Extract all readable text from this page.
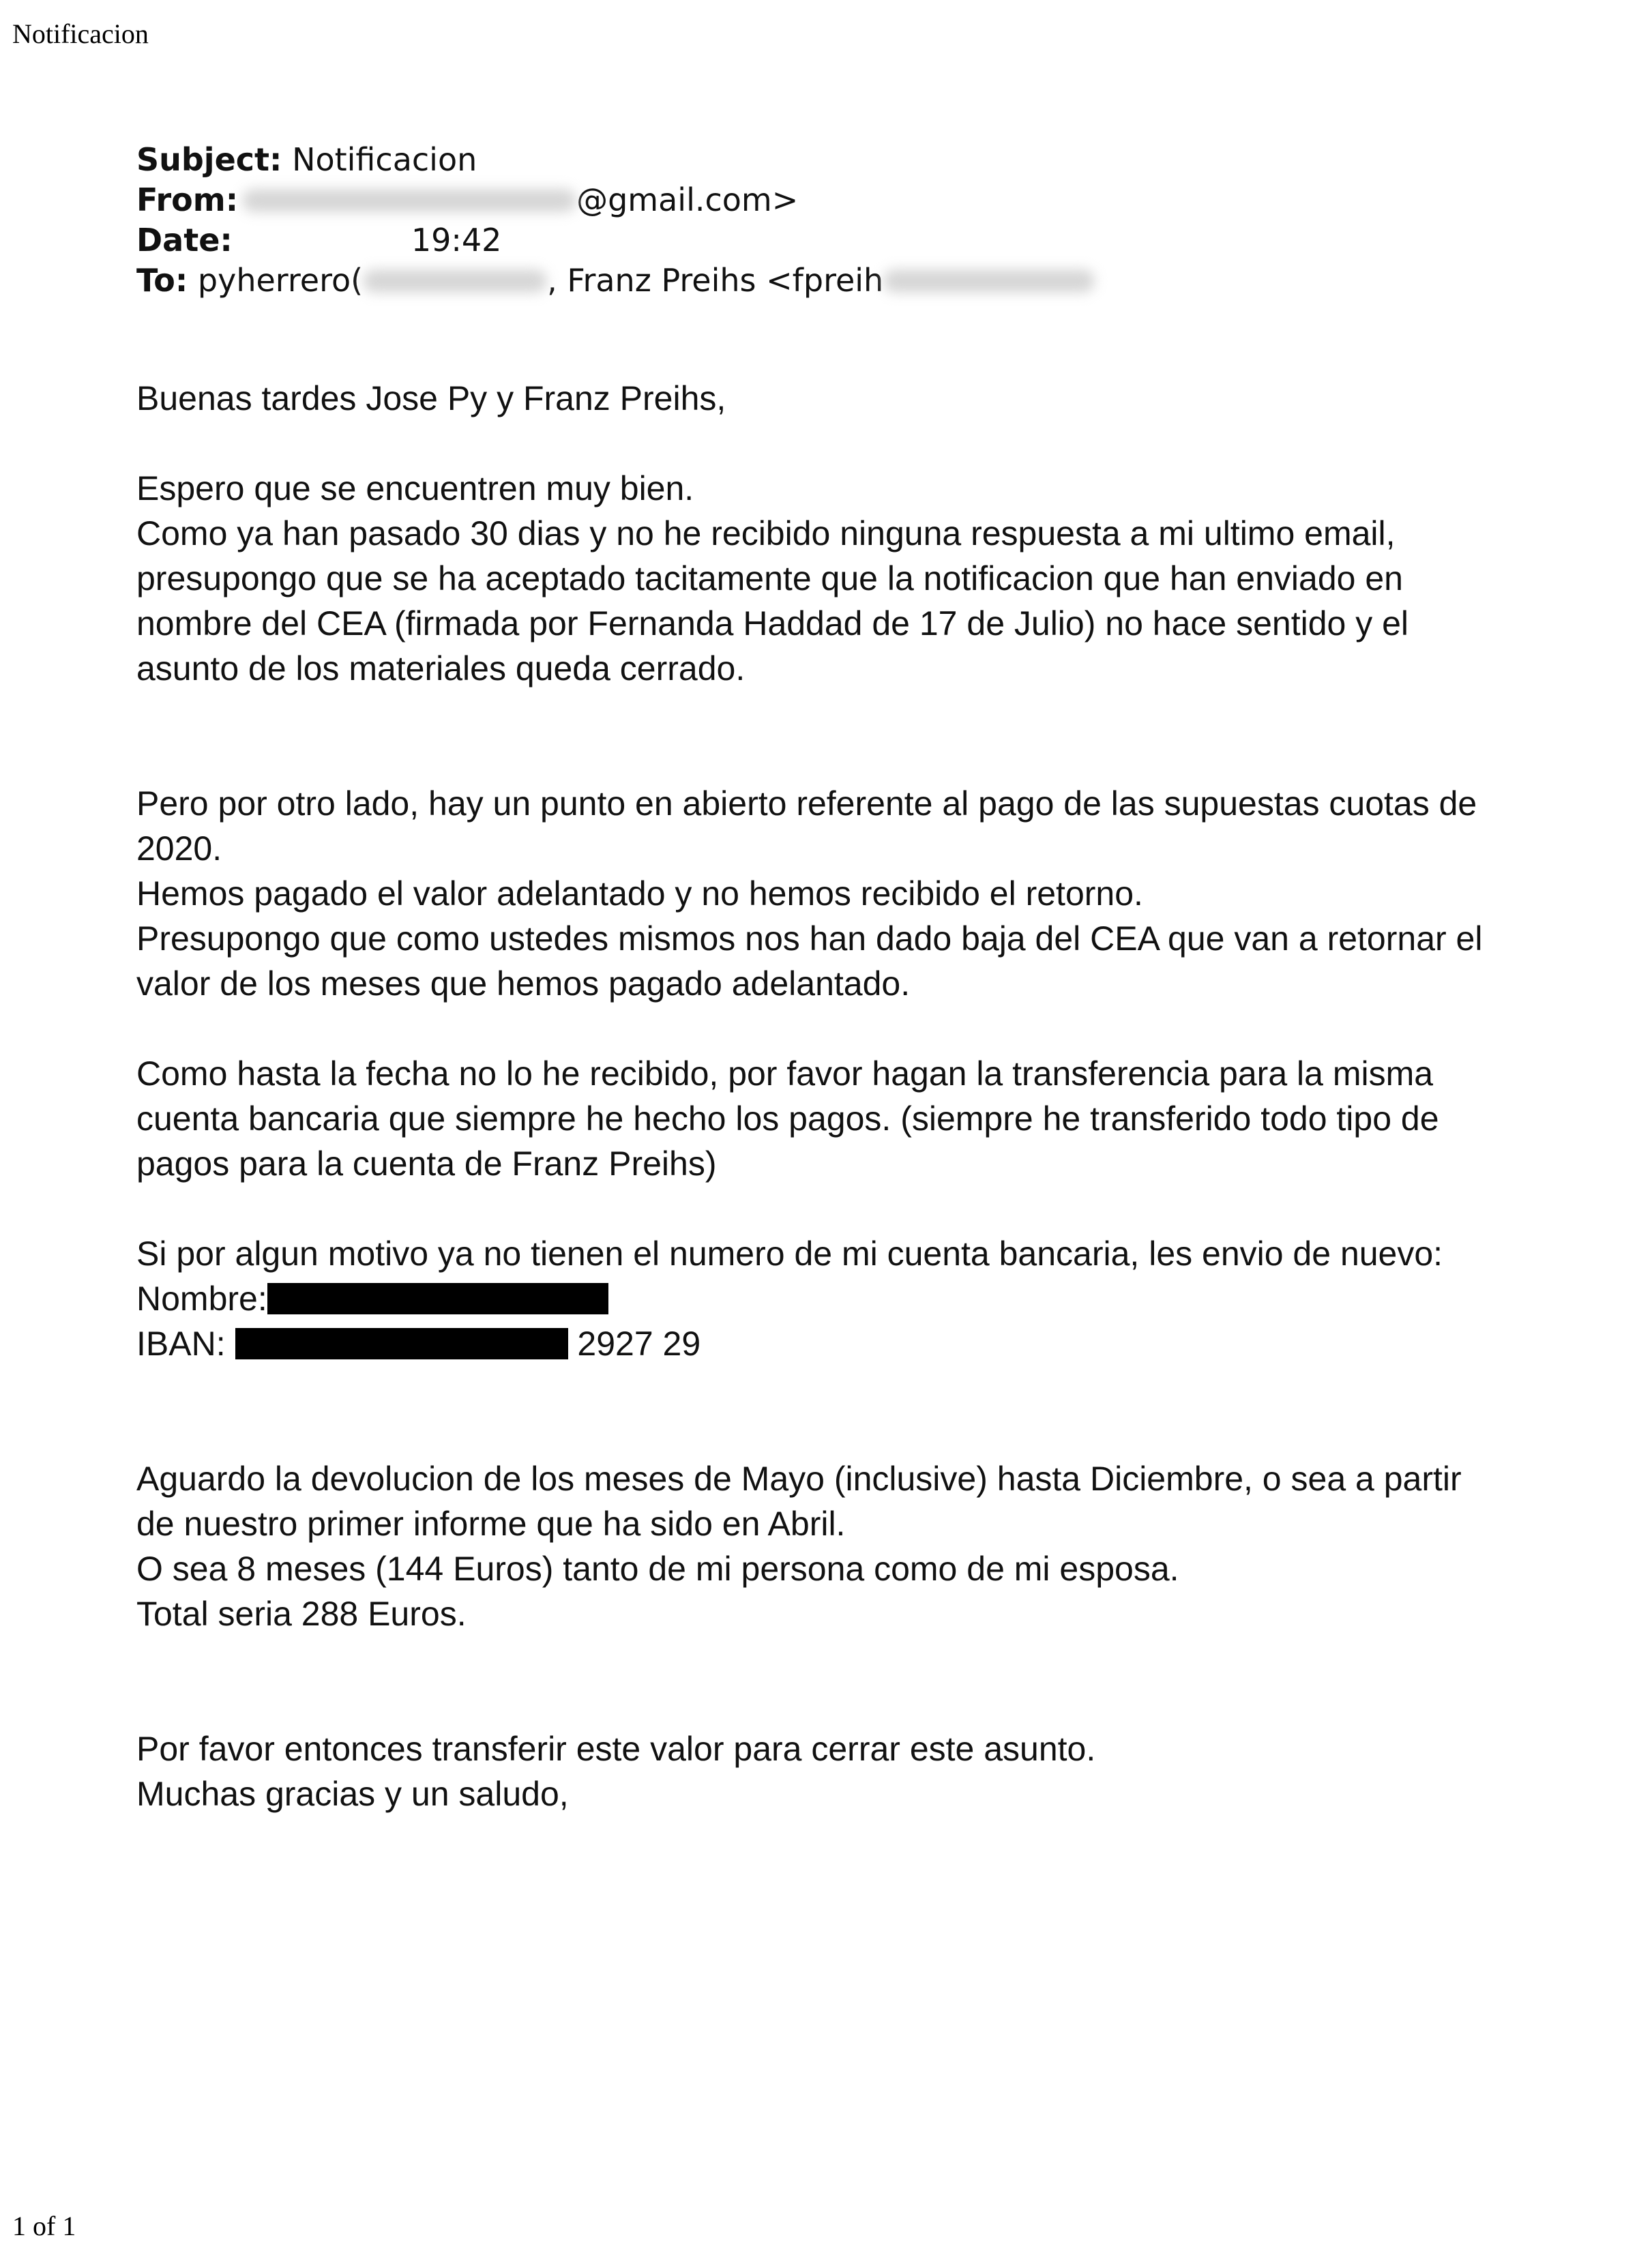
Notificacion
Subject:
Notificacion
From:	@gmail.com>
Date:	19:42
To:
pyherrero(	, Franz Preihs <fpreih

Buenas tardes Jose Py y Franz Preihs,

Espero que se encuentren muy bien.
Como ya han pasado 30 dias y no he recibido ninguna respuesta a mi ultimo email,
presupongo que se ha aceptado tacitamente que la notificacion que han enviado en
nombre del CEA (firmada por Fernanda Haddad de 17 de Julio) no hace sentido y el
asunto de los materiales queda cerrado.

Pero por otro lado, hay un punto en abierto referente al pago de las supuestas cuotas de
2020.
Hemos pagado el valor adelantado y no hemos recibido el retorno.
Presupongo que como ustedes mismos nos han dado baja del CEA que van a retornar el
valor de los meses que hemos pagado adelantado.

Como hasta la fecha no lo he recibido, por favor hagan la transferencia para la misma
cuenta bancaria que siempre he hecho los pagos. (siempre he transferido todo tipo de
pagos para la cuenta de Franz Preihs)

Si por algun motivo ya no tienen el numero de mi cuenta bancaria, les envio de nuevo:
Nombre:
IBAN:	2927 29

Aguardo la devolucion de los meses de Mayo (inclusive) hasta Diciembre, o sea a partir
de nuestro primer informe que ha sido en Abril.
O sea 8 meses (144 Euros) tanto de mi persona como de mi esposa.
Total seria 288 Euros.

Por favor entonces transferir este valor para cerrar este asunto.
Muchas gracias y un saludo,

1 of 1
